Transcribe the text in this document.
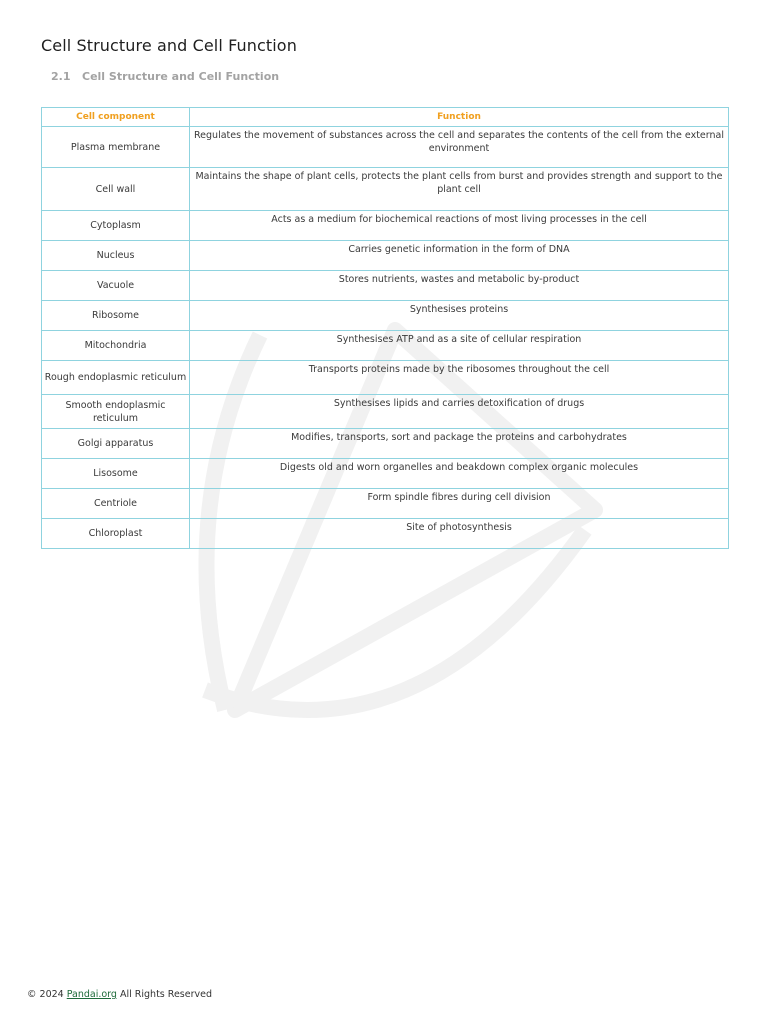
Cell Structure and Cell Function
2.1 Cell Structure and Cell Function
Cell component	Function
Plasma membrane	Regulates the movement of substances across the cell and separates the contents of the cell from the external environment
Cell wall	Maintains the shape of plant cells, protects the plant cells from burst and provides strength and support to the plant cell
Cytoplasm	Acts as a medium for biochemical reactions of most living processes in the cell
Nucleus	Carries genetic information in the form of DNA
Vacuole	Stores nutrients, wastes and metabolic by-product
Ribosome	Synthesises proteins
Mitochondria	Synthesises ATP and as a site of cellular respiration
Rough endoplasmic reticulum	Transports proteins made by the ribosomes throughout the cell
Smooth endoplasmic reticulum	Synthesises lipids and carries detoxification of drugs
Golgi apparatus	Modifies, transports, sort and package the proteins and carbohydrates
Lisosome	Digests old and worn organelles and beakdown complex organic molecules
Centriole	Form spindle fibres during cell division
Chloroplast	Site of photosynthesis
© 2024 Pandai.org All Rights Reserved
